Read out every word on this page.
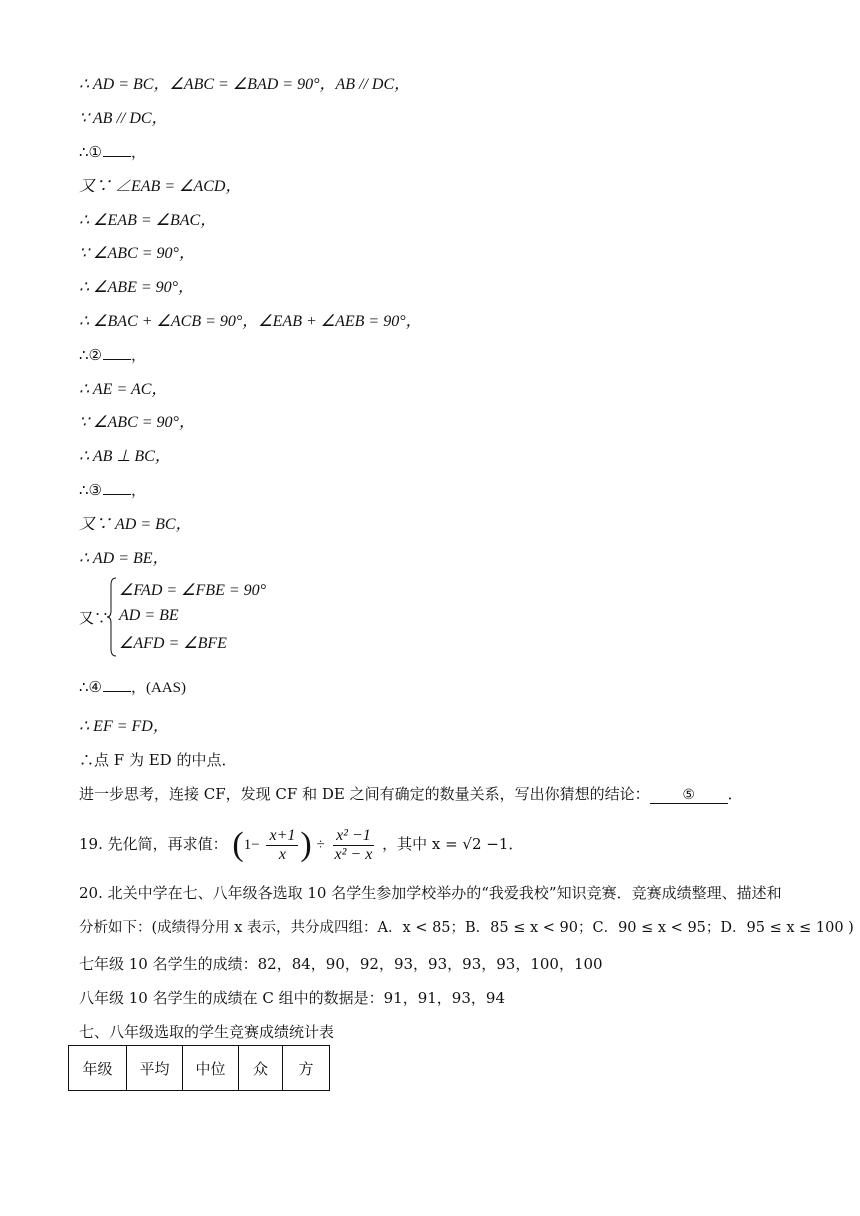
∴ AD = BC，∠ABC = ∠BAD = 90°，AB // DC，
∵ AB // DC，
∴① ，
又∵ ∠EAB = ∠ACD，
∴ ∠EAB = ∠BAC，
∵ ∠ABC = 90°，
∴ ∠ABE = 90°，
∴ ∠BAC + ∠ACB = 90°，∠EAB + ∠AEB = 90°，
∴② ，
∴ AE = AC，
∵ ∠ABC = 90°，
∴ AB ⊥ BC，
∴③ ，
又∵ AD = BC，
∴ AD = BE，
又∵
∠FAD = ∠FBE = 90°
AD = BE
∠AFD = ∠BFE
∴④ ，(AAS)
∴ EF = FD，
∴点 F 为 ED 的中点．
进一步思考，连接 CF，发现 CF 和 DE 之间有确定的数量关系，写出你猜想的结论： ⑤ ．
19. 先化简，再求值： ($1- \frac{x+1}{x}$ ) ÷ $\frac{\text{x² −1}}{\text{x² − x}}$ ，其中 x = √2 −1．
20. 北关中学在七、八年级各选取 10 名学生参加学校举办的“我爱我校”知识竞赛．竞赛成绩整理、描述和
分析如下：(成绩得分用 x 表示，共分成四组：A．x < 85；B．85 ≤ x < 90；C．90 ≤ x < 95；D．95 ≤ x ≤ 100 )
七年级 10 名学生的成绩：82，84，90，92，93，93，93，93，100，100
八年级 10 名学生的成绩在 C 组中的数据是：91，91，93，94
七、八年级选取的学生竞赛成绩统计表
年级	平均	中位	众	方
